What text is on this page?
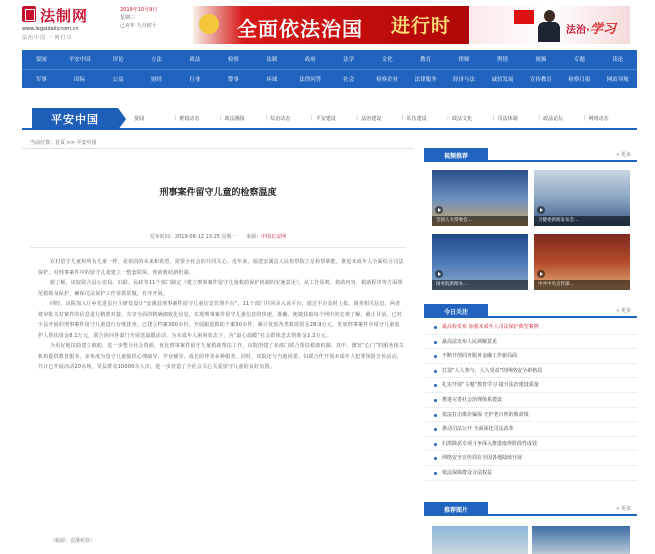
法制网
www.legaldaily.com.cn
法治中国 一网打尽
2019年10月9日
星期三
己亥年 九月初十	全面依法治国 进行时	法治·学习
要闻	平安中国	评论	立法	政法	检察	法制	政府	法学	文化	教育	律师	舆情	视频	专题	读论
军事	国际	公益	财经	行业	警事	环球	法律问答	社会	检察企业	法律服务	经济与法	诚信发展	宣传教育	检察日报	网站导航
平安中国	要闻	| 维稳动态	| 政法播报	| 综治动态	| 平安建设	| 法治建设	| 队伍建设	| 政法文化	| 司法体制	| 政法论坛	| 网络动态
当前位置：首页 >> 平安中国
刑事案件留守儿童的检察温度
发布时间：2019-08-12 13:25 星期一 来源：中国长安网

农村留守儿童和所有儿童一样，是祖国的未来和希望。需要全社会的共同关心。近年来，福建安溪县人民检察院立足检察职能，推进未成年人全面综合司法保护，对刑事案件中的留守儿童建立一整套联保，创新救助新机制。

据了解，该院联合县公安局、妇联、民政等11个部门制定《建立刑事案件留守儿童救助保护机制的实施意见》，从工作原则、救助内容、救助程序等方面规范救助及保护，确保司法保护工作常抓常做，有序开展。

同时，该院加入厅乡先进县自主研发设计“安溪县刑事案件留守儿童信息管理平台”，11个部门共同录入该平台，通过平台及时上报、调查相关信息，两者将审批关对案件的信息进行精准对接，共享全面的精确细致化信息，实现刑事案件留守儿童信息的快速、准确、便捷获取每个网中的宏观了解。截止目前，已对全县开展的刑事案件留守儿童进行台账排查，已建立档案300余份，开展跟进救助个案30余件，累计发放各类救助资金28.9万元。发放刑事案件中留守儿童监护人帮扶资金8.1万元，联合协同各部门开展送温暖活动，为未成年人困境状态下，为“最心温暖”社会群体送去帮助金2.2万元。

为更好地扶助建立救助，进一步整合社会资源，优化刑事案件留守儿童救助帮扶工作，该院创建了多部门联合帮扶救助机制，其中，激发“心门”的服务相关机构提供教育服务，多角度为留守儿童提供心理疏导、学业辅导、成长陪伴等多种服务。同时，该院还与当地团委、妇联合作开展未成年人犯罪预防宣传活动，共计已开展活动20余场，受益群众10000余人次，进一步营造了全社会关心关爱留守儿童的良好氛围。

（稿源：安溪检察）
视频推荐	» 更多
全国人大常委会…	卫健委新闻发布会…
国务院新闻办…	中共中央宣传部…
今日关注	» 更多
最高检发布 加强未成年人司法保护典型案例
最高法发布人民调解意见
不断开创同舟服务金融工作新局面
打造“人人参与、人人受益”的网络安全新格局
扎实开展“主题”教育学习 提升法治建设质量
推进完善社会治理体系建设
依法打击欺诈骗保 守护老百姓的救命钱
推动司法公开 全面深化司法改革
扫黑除恶专项斗争深入推进取得阶段性成效
网络安全宣传周在全国各地陆续开展
依法保障群众合法权益
推荐图片	» 更多
